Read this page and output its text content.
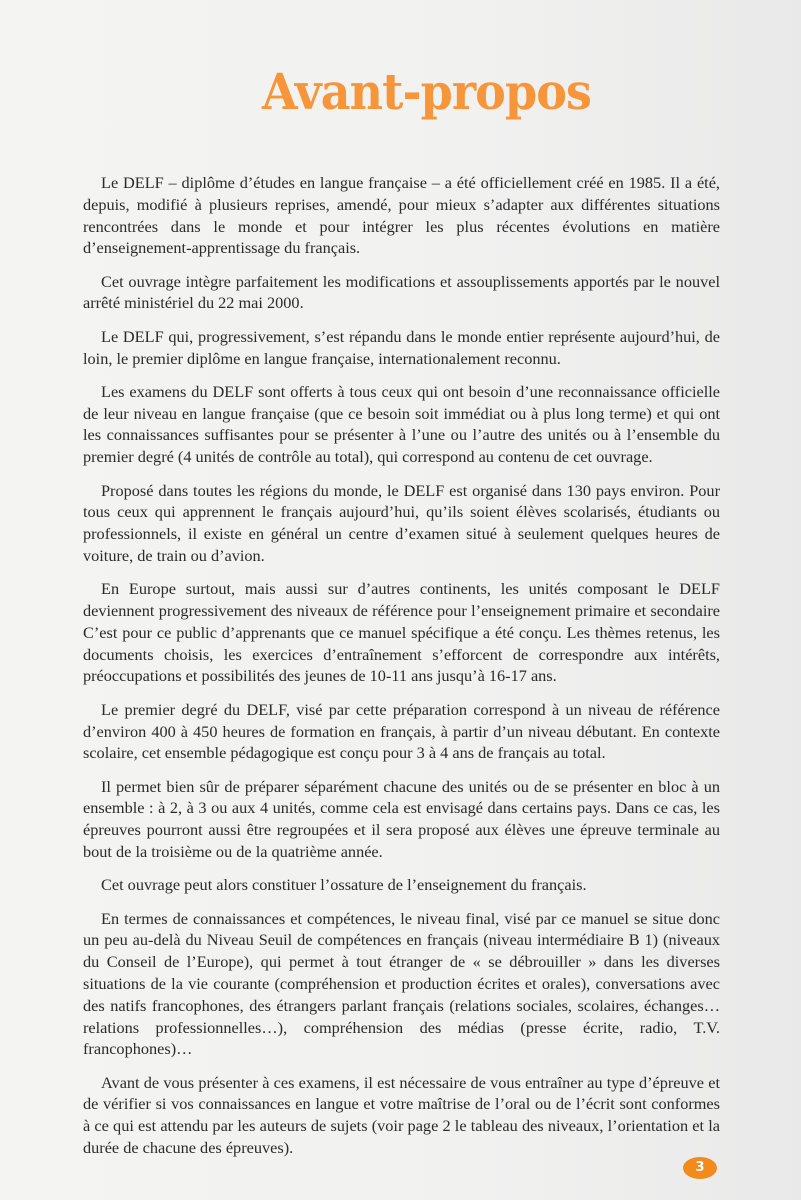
Avant-propos

Le DELF – diplôme d’études en langue française – a été officiellement créé en 1985. Il a été, depuis, modifié à plusieurs reprises, amendé, pour mieux s’adapter aux différentes situations rencontrées dans le monde et pour intégrer les plus récentes évolutions en matière d’enseignement-apprentissage du français.

Cet ouvrage intègre parfaitement les modifications et assouplissements apportés par le nouvel arrêté ministériel du 22 mai 2000.

Le DELF qui, progressivement, s’est répandu dans le monde entier représente aujourd’hui, de loin, le premier diplôme en langue française, internationalement reconnu.

Les examens du DELF sont offerts à tous ceux qui ont besoin d’une reconnaissance officielle de leur niveau en langue française (que ce besoin soit immédiat ou à plus long terme) et qui ont les connaissances suffisantes pour se présenter à l’une ou l’autre des unités ou à l’ensemble du premier degré (4 unités de contrôle au total), qui correspond au contenu de cet ouvrage.

Proposé dans toutes les régions du monde, le DELF est organisé dans 130 pays environ. Pour tous ceux qui apprennent le français aujourd’hui, qu’ils soient élèves scolarisés, étudiants ou professionnels, il existe en général un centre d’examen situé à seulement quelques heures de voiture, de train ou d’avion.

En Europe surtout, mais aussi sur d’autres continents, les unités composant le DELF deviennent progressivement des niveaux de référence pour l’enseignement primaire et secondaire C’est pour ce public d’apprenants que ce manuel spécifique a été conçu. Les thèmes retenus, les documents choisis, les exercices d’entraînement s’efforcent de correspondre aux intérêts, préoccupations et possibilités des jeunes de 10-11 ans jusqu’à 16-17 ans.

Le premier degré du DELF, visé par cette préparation correspond à un niveau de référence d’environ 400 à 450 heures de formation en français, à partir d’un niveau débutant. En contexte scolaire, cet ensemble pédagogique est conçu pour 3 à 4 ans de français au total.

Il permet bien sûr de préparer séparément chacune des unités ou de se présenter en bloc à un ensemble : à 2, à 3 ou aux 4 unités, comme cela est envisagé dans certains pays. Dans ce cas, les épreuves pourront aussi être regroupées et il sera proposé aux élèves une épreuve terminale au bout de la troisième ou de la quatrième année.

Cet ouvrage peut alors constituer l’ossature de l’enseignement du français.

En termes de connaissances et compétences, le niveau final, visé par ce manuel se situe donc un peu au-delà du Niveau Seuil de compétences en français (niveau intermédiaire B 1) (niveaux du Conseil de l’Europe), qui permet à tout étranger de « se débrouiller » dans les diverses situations de la vie courante (compréhension et production écrites et orales), conversations avec des natifs francophones, des étrangers parlant français (relations sociales, scolaires, échanges… relations professionnelles…), compréhension des médias (presse écrite, radio, T.V. francophones)…

Avant de vous présenter à ces examens, il est nécessaire de vous entraîner au type d’épreuve et de vérifier si vos connaissances en langue et votre maîtrise de l’oral ou de l’écrit sont conformes à ce qui est attendu par les auteurs de sujets (voir page 2 le tableau des niveaux, l’orientation et la durée de chacune des épreuves).

3
